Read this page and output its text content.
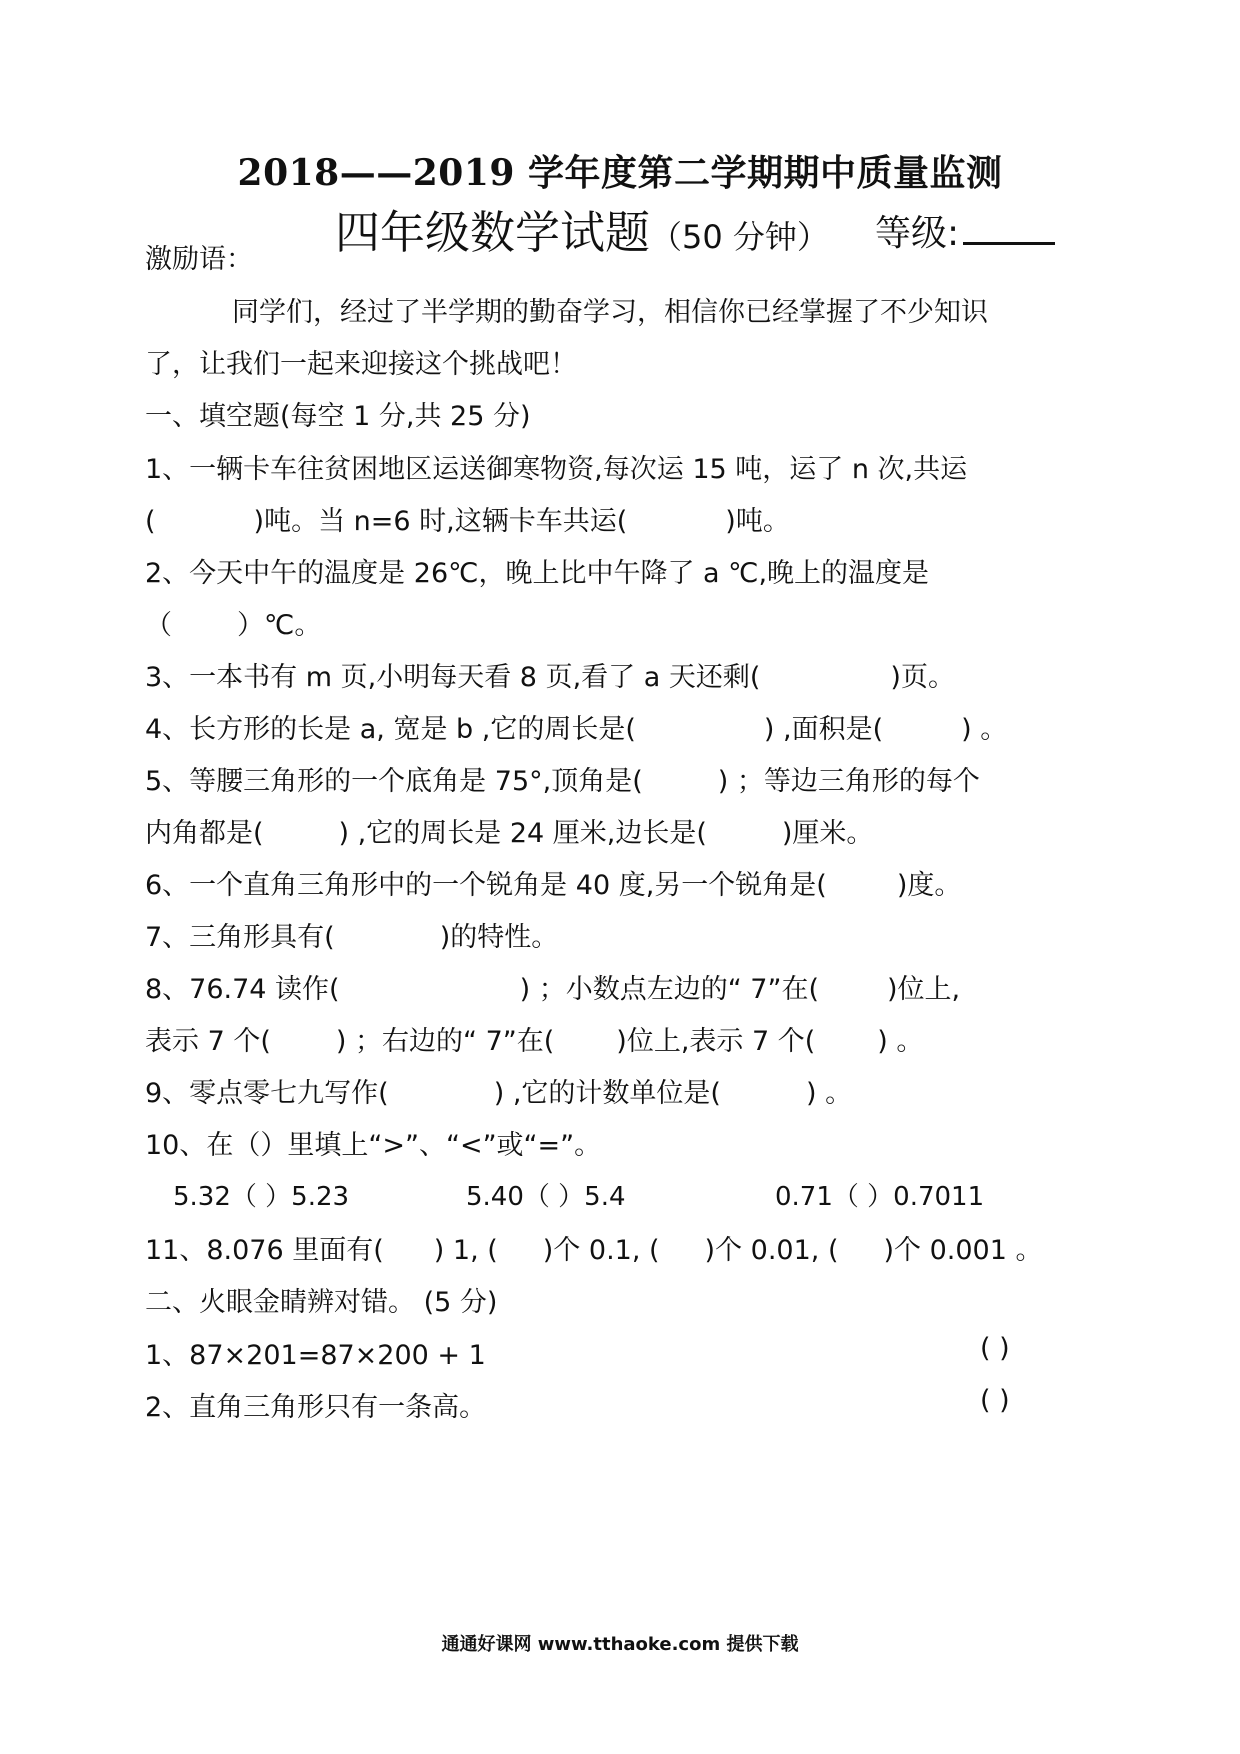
2018——2019 学年度第二学期期中质量监测
四年级数学试题（50 分钟） 等级:
激励语：
同学们，经过了半学期的勤奋学习，相信你已经掌握了不少知识
了，让我们一起来迎接这个挑战吧！
一、填空题(每空 1 分,共 25 分)
1、一辆卡车往贫困地区运送御寒物资,每次运 15 吨，运了 n 次,共运
(	)吨。当 n=6 时,这辆卡车共运(	)吨。
2、今天中午的温度是 26℃，晚上比中午降了 a ℃,晚上的温度是
（ ）℃。
3、一本书有 m 页,小明每天看 8 页,看了 a 天还剩(	)页。
4、长方形的长是 a, 宽是 b ,它的周长是(	) ,面积是(	) 。
5、等腰三角形的一个底角是 75°,顶角是(	) ；等边三角形的每个
内角都是(	) ,它的周长是 24 厘米,边长是(	)厘米。
6、一个直角三角形中的一个锐角是 40 度,另一个锐角是(	)度。
7、三角形具有(	)的特性。
8、76.74 读作(	) ；小数点左边的“ 7”在(	)位上,
表示 7 个( ) ；右边的“ 7”在( )位上,表示 7 个( ) 。
9、零点零七九写作(	) ,它的计数单位是(	) 。
10、在（）里填上“>”、“<”或“=”。
5.32（ ）5.23	5.40（ ）5.4	0.71（ ）0.7011
11、8.076 里面有( ) 1, ( )个 0.1, ( )个 0.01, ( )个 0.001 。
二、火眼金睛辨对错。 (5 分)
1、87×201=87×200 + 1	( )
2、直角三角形只有一条高。	( )
通通好课网 www.tthaoke.com 提供下载
